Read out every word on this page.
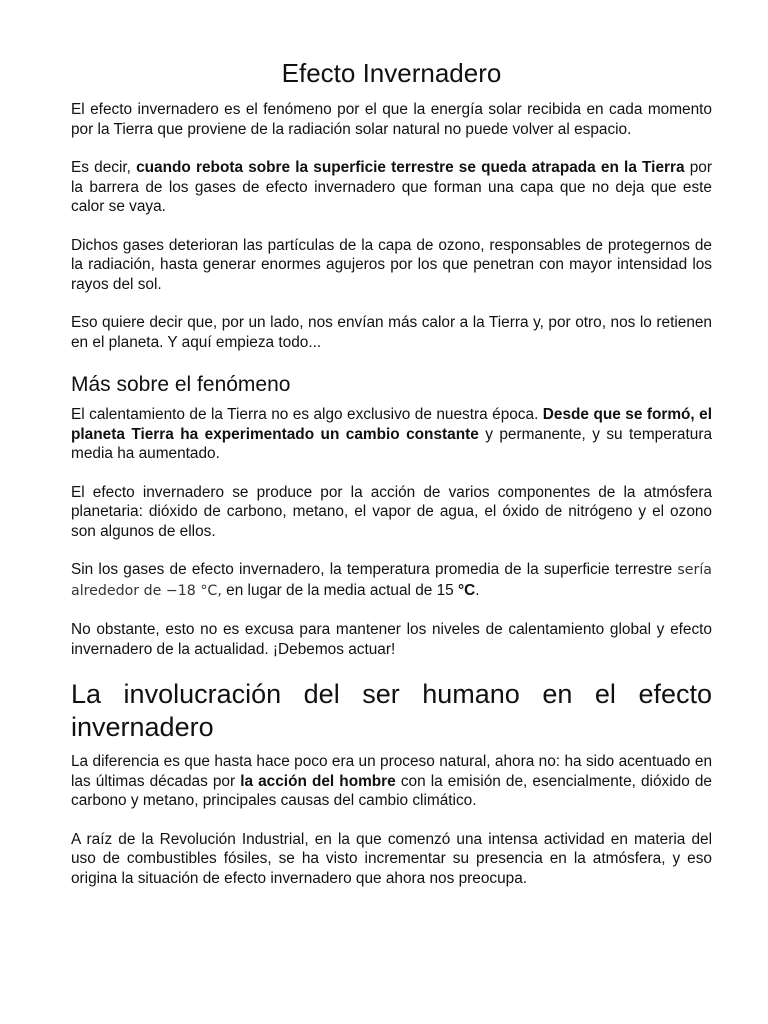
Efecto Invernadero

El efecto invernadero es el fenómeno por el que la energía solar recibida en cada momento por la Tierra que proviene de la radiación solar natural no puede volver al espacio.

Es decir, cuando rebota sobre la superficie terrestre se queda atrapada en la Tierra por la barrera de los gases de efecto invernadero que forman una capa que no deja que este calor se vaya.

Dichos gases deterioran las partículas de la capa de ozono, responsables de protegernos de la radiación, hasta generar enormes agujeros por los que penetran con mayor intensidad los rayos del sol.

Eso quiere decir que, por un lado, nos envían más calor a la Tierra y, por otro, nos lo retienen en el planeta. Y aquí empieza todo...

Más sobre el fenómeno

El calentamiento de la Tierra no es algo exclusivo de nuestra época. Desde que se formó, el planeta Tierra ha experimentado un cambio constante y permanente, y su temperatura media ha aumentado.

El efecto invernadero se produce por la acción de varios componentes de la atmósfera planetaria: dióxido de carbono, metano, el vapor de agua, el óxido de nitrógeno y el ozono son algunos de ellos.

Sin los gases de efecto invernadero, la temperatura promedia de la superficie terrestre sería alrededor de −18 °C, en lugar de la media actual de 15 °C.

No obstante, esto no es excusa para mantener los niveles de calentamiento global y efecto invernadero de la actualidad. ¡Debemos actuar!

La involucración del ser humano en el efecto invernadero

La diferencia es que hasta hace poco era un proceso natural, ahora no: ha sido acentuado en las últimas décadas por la acción del hombre con la emisión de, esencialmente, dióxido de carbono y metano, principales causas del cambio climático.

A raíz de la Revolución Industrial, en la que comenzó una intensa actividad en materia del uso de combustibles fósiles, se ha visto incrementar su presencia en la atmósfera, y eso origina la situación de efecto invernadero que ahora nos preocupa.
